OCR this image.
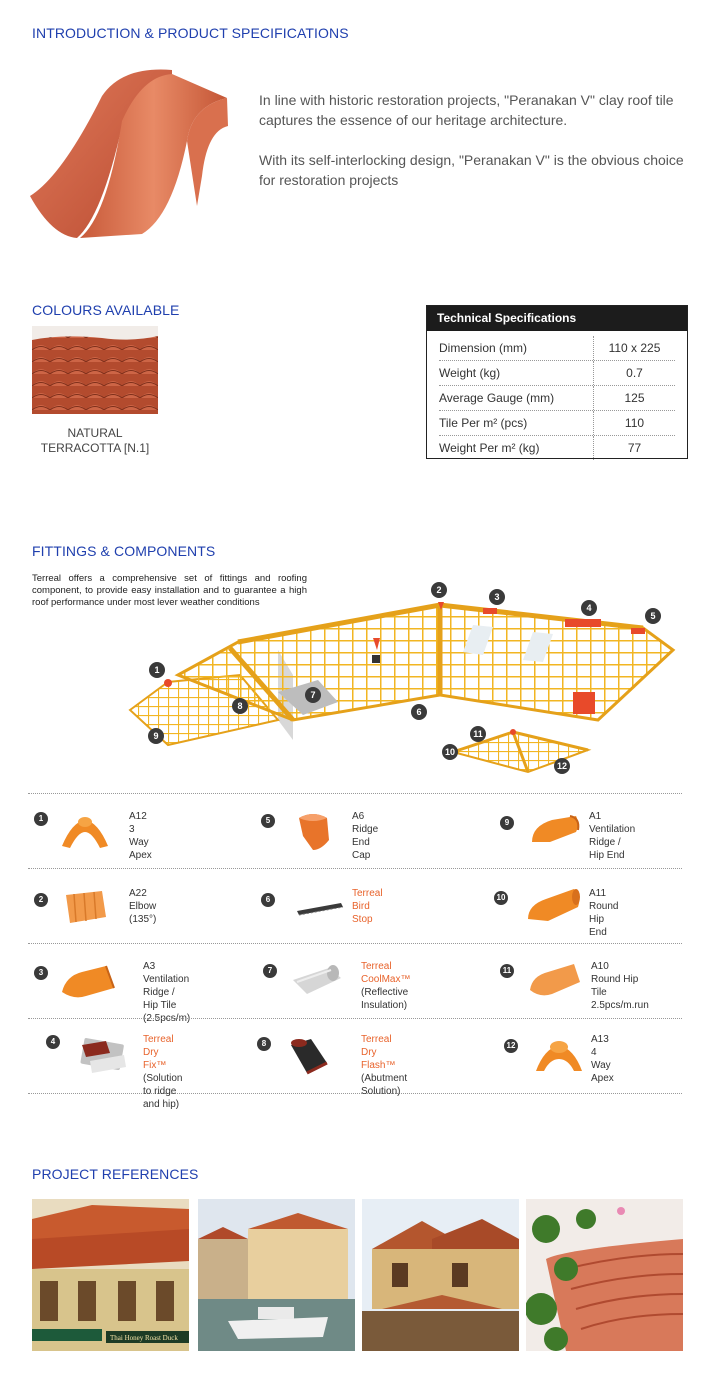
INTRODUCTION & PRODUCT SPECIFICATIONS

In line with historic restoration projects, "Peranakan V" clay roof tile captures the essence of our heritage architecture.

With its self-interlocking design, "Peranakan V" is the obvious choice for restoration projects

COLOURS AVAILABLE
NATURAL
TERRACOTTA [N.1]
Technical Specifications
Dimension (mm)	110 x 225
Weight (kg)	0.7
Average Gauge (mm)	125
Tile Per m² (pcs)	110
Weight Per m² (kg)	77
FITTINGS & COMPONENTS
Terreal offers a comprehensive set of fittings and roofing component, to provide easy installation and to guarantee a high roof performance under most lever weather conditions
1
2
3
4
5
6
7
8
9
10
11
12
1	A12
3 Way Apex
5	A6
Ridge End Cap
9
A1
Ventilation Ridge /
Hip End
2
A22
Elbow
(135°)
6
Terreal Bird Stop
10	A11
Round Hip End
3
A3
Ventilation Ridge /
Hip Tile (2.5pcs/m)
7	Terreal CoolMax™
(Reflective Insulation)
11	A10
Round Hip Tile
2.5pcs/m.run
4	Terreal Dry Fix™
(Solution to ridge
and hip)
8	Terreal Dry Flash™
(Abutment Solution)
12
A13
4 Way Apex
PROJECT REFERENCES
Thai Honey Roast Duck
